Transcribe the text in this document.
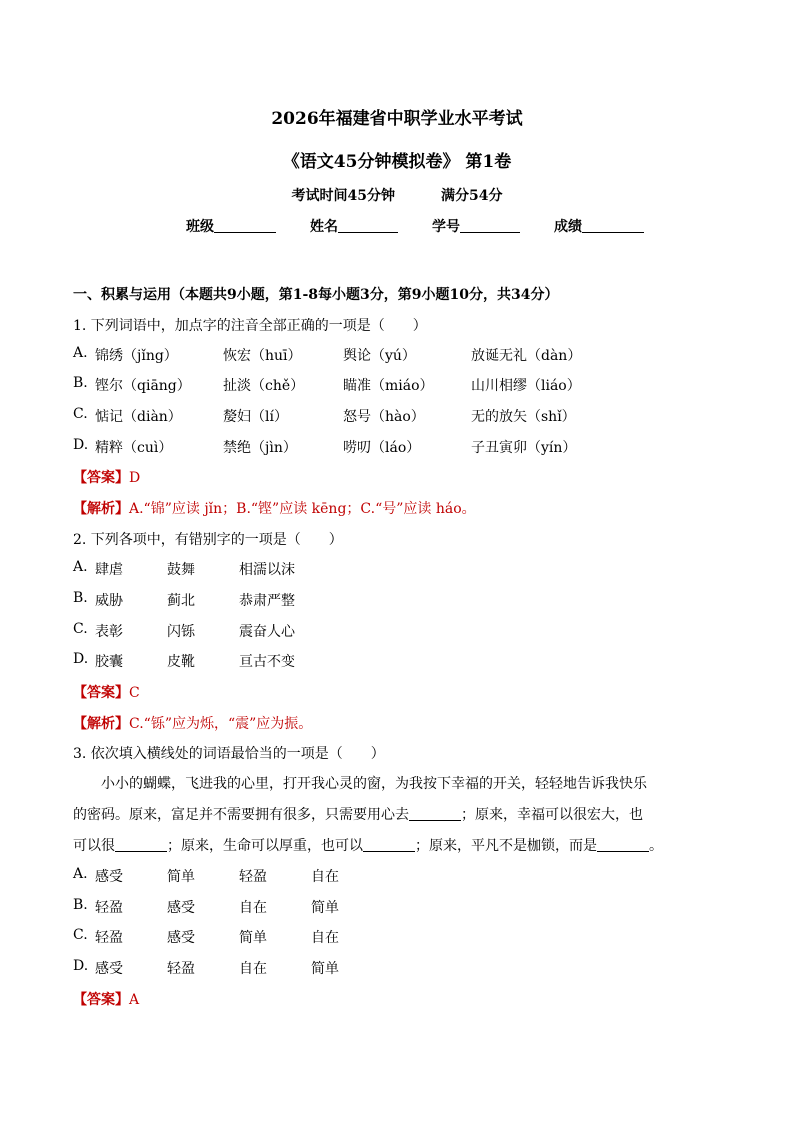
2026年福建省中职学业水平考试
《语文45分钟模拟卷》 第1卷
考试时间45分钟	满分54分
班级	姓名	学号	成绩
一、积累与运用（本题共9小题，第1-8每小题3分，第9小题10分，共34分）
1. 下列词语中，加点字的注音全部正确的一项是（　　）
A. 锦绣（jǐng）	恢宏（huī）	舆论（yú）	放诞无礼（dàn）
B. 铿尔（qiāng） 扯淡（chě）	瞄准（miáo）	山川相缪（liáo）
C. 惦记（diàn）	嫠妇（lí）	怒号（hào）	无的放矢（shǐ）
D. 精粹（cuì）	禁绝（jìn）	唠叨（láo）	子丑寅卯（yín）
【答案】D
【解析】A.“锦”应读 jǐn；B.“铿”应读 kēng；C.“号”应读 háo。
2. 下列各项中，有错别字的一项是（　　）
A. 肆虐	鼓舞	相濡以沫
B. 威胁	蓟北	恭肃严整
C. 表彰	闪铄	震奋人心
D. 胶囊	皮靴	亘古不变
【答案】C
【解析】C.“铄”应为烁，“震”应为振。
3. 依次填入横线处的词语最恰当的一项是（　　）
小小的蝴蝶，飞进我的心里，打开我心灵的窗，为我按下幸福的开关，轻轻地告诉我快乐
的密码。原来，富足并不需要拥有很多，只需要用心去	；原来，幸福可以很宏大，也
可以很	；原来，生命可以厚重，也可以	；原来，平凡不是枷锁，而是	。
A. 感受	简单	轻盈	自在
B. 轻盈	感受	自在	简单
C. 轻盈	感受	简单	自在
D. 感受	轻盈	自在	简单
【答案】A
